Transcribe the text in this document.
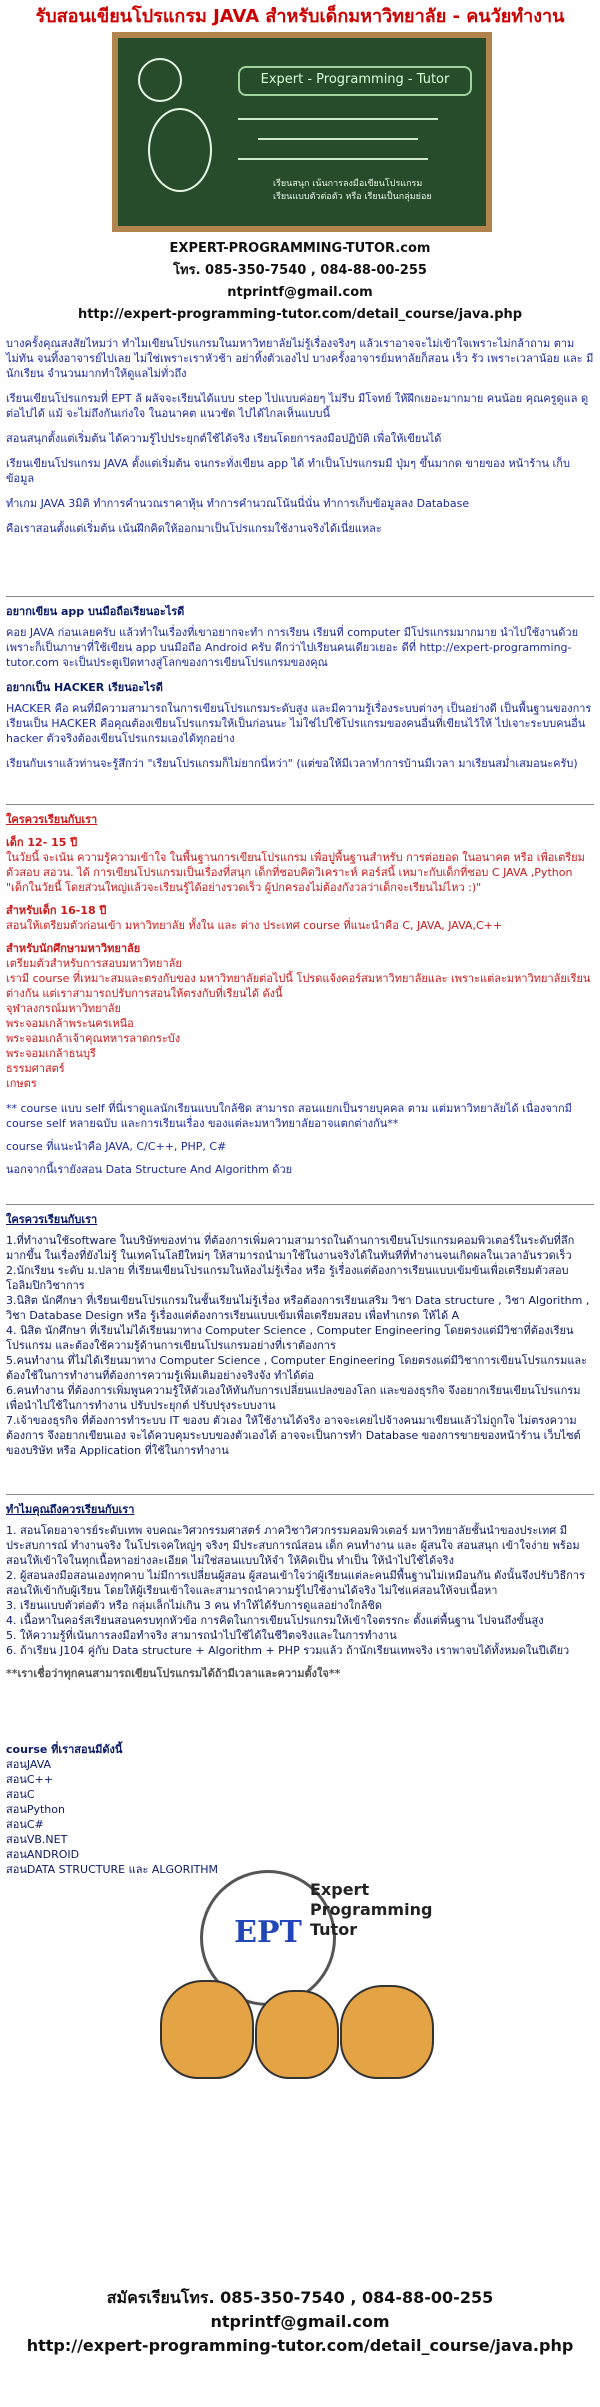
รับสอนเขียนโปรแกรม JAVA สำหรับเด็กมหาวิทยาลัย - คนวัยทำงาน
Expert - Programming - Tutor
เรียนสนุก เน้นการลงมือเขียนโปรแกรม
เรียนแบบตัวต่อตัว หรือ เรียนเป็นกลุ่มย่อย
EXPERT-PROGRAMMING-TUTOR.com
โทร. 085-350-7540 , 084-88-00-255
ntprintf@gmail.com
http://expert-programming-tutor.com/detail_course/java.php

บางครั้งคุณสงสัยไหมว่า ทำไมเขียนโปรแกรมในมหาวิทยาลัยไม่รู้เรื่องจริงๆ แล้วเราอาจจะไม่เข้าใจเพราะไม่กล้าถาม ตามไม่ทัน จนทิ้งอาจารย์ไปเลย ไม่ใช่เพราะเราหัวช้า อย่าทิ้งตัวเองไป บางครั้งอาจารย์มหาลัยก็สอน เร็ว รัว เพราะเวลาน้อย และ มีนักเรียน จำนวนมากทำให้ดูแลไม่ทั่วถึง

เรียนเขียนโปรแกรมที่ EPT ล้ ผลัจจะเรียนได้แบบ step ไปแบบค่อยๆ ไม่รีบ มีโจทย์ ให้ฝึกเยอะมากมาย คนน้อย คุณครูดูแล ดูต่อไปได้ แม้ จะไม่ถึงกันเก่งใจ ในอนาคต แนวชัด ไปได้ไกลเห็นแบบนี้

สอนสนุกตั้งแต่เริ่มต้น ได้ความรู้ไปประยุกต์ใช้ได้จริง เรียนโดยการลงมือปฏิบัติ เพื่อให้เขียนได้

เรียนเขียนโปรแกรม JAVA ตั้งแต่เริ่มต้น จนกระทั่งเขียน app ได้ ทำเป็นโปรแกรมมี ปุ่มๆ ขึ้นมากด ขายของ หน้าร้าน เก็บข้อมูล

ทำเกม JAVA 3มิติ ทำการคำนวณราคาหุ้น ทำการคำนวณโน้นนี่นั่น ทำการเก็บข้อมูลลง Database

คือเราสอนตั้งแต่เริ่มต้น เน้นฝึกคิดให้ออกมาเป็นโปรแกรมใช้งานจริงได้เนี่ยแหละ

อยากเขียน app บนมือถือเรียนอะไรดี
คอย JAVA ก่อนเลยครับ แล้วทำในเรื่องที่เขาอยากจะทำ การเรียน เรียนที่ computer มีโปรแกรมมากมาย นำไปใช้งานด้วย เพราะก็เป็นภาษาที่ใช้เขียน app บนมือถือ Android ครับ ดีกว่าไปเรียนคนเดียวเยอะ ดีที่ http://expert-programming-tutor.com จะเป็นประตูเปิดทางสู่โลกของการเขียนโปรแกรมของคุณ
อยากเป็น HACKER เรียนอะไรดี
HACKER คือ คนที่มีความสามารถในการเขียนโปรแกรมระดับสูง และมีความรู้เรื่องระบบต่างๆ เป็นอย่างดี เป็นพื้นฐานของการเรียนเป็น HACKER คือคุณต้องเขียนโปรแกรมให้เป็นก่อนนะ ไม่ใช่ไปใช้โปรแกรมของคนอื่นที่เขียนไว้ให้ ไปเจาะระบบคนอื่น hacker ตัวจริงต้องเขียนโปรแกรมเองได้ทุกอย่าง
เรียนกับเราแล้วท่านจะรู้สึกว่า "เรียนโปรแกรมก็ไม่ยากนี่หว่า" (แต่ขอให้มีเวลาทำการบ้านมีเวลา มาเรียนสม่ำเสมอนะครับ)
ใครควรเรียนกับเรา
เด็ก 12- 15 ปี
ในวัยนี้ จะเน้น ความรู้ความเข้าใจ ในพื้นฐานการเขียนโปรแกรม เพื่อปูพื้นฐานสำหรับ การต่อยอด ในอนาคต หรือ เพื่อเตรียมตัวสอบ สอวน. ได้ การเขียนโปรแกรมเป็นเรื่องที่สนุก เด็กที่ชอบคิดวิเคราะห์ คอร์สนี้ เหมาะกับเด็กที่ชอบ C JAVA ,Python
"เด็กในวัยนี้ โดยส่วนใหญ่แล้วจะเรียนรู้ได้อย่างรวดเร็ว ผู้ปกครองไม่ต้องกังวลว่าเด็กจะเรียนไม่ไหว :)"
สำหรับเด็ก 16-18 ปี
สอนให้เตรียมตัวก่อนเข้า มหาวิทยาลัย ทั้งใน และ ต่าง ประเทศ course ที่แนะนำคือ C, JAVA, JAVA,C++
สำหรับนักศึกษามหาวิทยาลัย
เตรียมตัวสำหรับการสอบมหาวิทยาลัย
เรามี course ที่เหมาะสมและตรงกับของ มหาวิทยาลัยต่อไปนี้ โปรดแจ้งคอร์สมหาวิทยาลัยและ เพราะแต่ละมหาวิทยาลัยเรียนต่างกัน แต่เราสามารถปรับการสอนให้ตรงกับที่เรียนได้ ดังนี้
จุฬาลงกรณ์มหาวิทยาลัย
พระจอมเกล้าพระนครเหนือ
พระจอมเกล้าเจ้าคุณทหารลาดกระบัง
พระจอมเกล้าธนบุรี
ธรรมศาสตร์
เกษตร
** course แบบ self ที่นี่เราดูแลนักเรียนแบบใกล้ชิด สามารถ สอนแยกเป็นรายบุคคล ตาม แต่มหาวิทยาลัยได้ เนื่องจากมี course self หลายฉบับ และการเรียนเรื่อง ของแต่ละมหาวิทยาลัยอาจแตกต่างกัน**
course ที่แนะนำคือ JAVA, C/C++, PHP, C#
นอกจากนี้เรายังสอน Data Structure And Algorithm ด้วย
ใครควรเรียนกับเรา
1.ที่ทำงานใช้software ในบริษัทของท่าน ที่ต้องการเพิ่มความสามารถในด้านการเขียนโปรแกรมคอมพิวเตอร์ในระดับที่ลึกมากขึ้น ในเรื่องที่ยังไม่รู้ ในเทคโนโลยีใหม่ๆ ให้สามารถนำมาใช้ในงานจริงได้ในทันทีที่ทำงานจนเกิดผลในเวลาอันรวดเร็ว
2.นักเรียน ระดับ ม.ปลาย ที่เรียนเขียนโปรแกรมในห้องไม่รู้เรื่อง หรือ รู้เรื่องแต่ต้องการเรียนแบบเข้มข้นเพื่อเตรียมตัวสอบโอลิมปิกวิชาการ
3.นิสิต นักศึกษา ที่เรียนเขียนโปรแกรมในชั้นเรียนไม่รู้เรื่อง หรือต้องการเรียนเสริม วิชา Data structure , วิชา Algorithm , วิชา Database Design หรือ รู้เรื่องแต่ต้องการเรียนแบบเข้มเพื่อเตรียมสอบ เพื่อทำเกรด ให้ได้ A
4. นิสิต นักศึกษา ที่เรียนไม่ได้เรียนมาทาง Computer Science , Computer Engineering โดยตรงแต่มีวิชาที่ต้องเรียนโปรแกรม และต้องใช้ความรู้ด้านการเขียนโปรแกรมอย่างที่เราต้องการ
5.คนทำงาน ที่ไม่ได้เรียนมาทาง Computer Science , Computer Engineering โดยตรงแต่มีวิชาการเขียนโปรแกรมและต้องใช้ในการทำงานที่ต้องการความรู้เพิ่มเติมอย่างจริงจัง ทำได้ต่อ
6.คนทำงาน ที่ต้องการเพิ่มพูนความรู้ให้ตัวเองให้ทันกับการเปลี่ยนแปลงของโลก และของธุรกิจ จึงอยากเรียนเขียนโปรแกรม เพื่อนำไปใช้ในการทำงาน ปรับประยุกต์ ปรับปรุงระบบงาน
7.เจ้าของธุรกิจ ที่ต้องการทำระบบ IT ของบ ตัวเอง ให้ใช้งานได้จริง อาจจะเคยไปจ้างคนมาเขียนแล้วไม่ถูกใจ ไม่ตรงความต้องการ จึงอยากเขียนเอง จะได้ควบคุมระบบของตัวเองได้ อาจจะเป็นการทำ Database ของการขายของหน้าร้าน เว็บไซต์ของบริษัท หรือ Application ที่ใช้ในการทำงาน
ทำไมคุณถึงควรเรียนกับเรา
1. สอนโดยอาจารย์ระดับเทพ จบคณะวิศวกรรมศาสตร์ ภาควิชาวิศวกรรมคอมพิวเตอร์ มหาวิทยาลัยชั้นนำของประเทศ มีประสบการณ์ ทำงานจริง ในโปรเจคใหญ่ๆ จริงๆ มีประสบการณ์สอน เด็ก คนทำงาน และ ผู้สนใจ สอนสนุก เข้าใจง่าย พร้อมสอนให้เข้าใจในทุกเนื้อหาอย่างละเอียด ไม่ใช่สอนแบบให้จำ ให้คิดเป็น ทำเป็น ให้นำไปใช้ได้จริง
2. ผู้สอนลงมือสอนเองทุกคาบ ไม่มีการเปลี่ยนผู้สอน ผู้สอนเข้าใจว่าผู้เรียนแต่ละคนมีพื้นฐานไม่เหมือนกัน ดังนั้นจึงปรับวิธีการสอนให้เข้ากับผู้เรียน โดยให้ผู้เรียนเข้าใจและสามารถนำความรู้ไปใช้งานได้จริง ไม่ใช่แค่สอนให้จบเนื้อหา
3. เรียนแบบตัวต่อตัว หรือ กลุ่มเล็กไม่เกิน 3 คน ทำให้ได้รับการดูแลอย่างใกล้ชิด
4. เนื้อหาในคอร์สเรียนสอนครบทุกหัวข้อ การคิดในการเขียนโปรแกรมให้เข้าใจตรรกะ ตั้งแต่พื้นฐาน ไปจนถึงขั้นสูง
5. ให้ความรู้ที่เน้นการลงมือทำจริง สามารถนำไปใช้ได้ในชีวิตจริงและในการทำงาน
6. ถ้าเรียน J104 คู่กับ Data structure + Algorithm + PHP รวมแล้ว ถ้านักเรียนเทพจริง เราพาจบได้ทั้งหมดในปีเดียว
**เราเชื่อว่าทุกคนสามารถเขียนโปรแกรมได้ถ้ามีเวลาและความตั้งใจ**
course ที่เราสอนมีดังนี้
สอนJAVA
สอนC++
สอนC
สอนPython
สอนC#
สอนVB.NET
สอนANDROID
สอนDATA STRUCTURE และ ALGORITHM
EPT
Expert
Programming
Tutor
สมัครเรียนโทร. 085-350-7540 , 084-88-00-255
ntprintf@gmail.com
http://expert-programming-tutor.com/detail_course/java.php
